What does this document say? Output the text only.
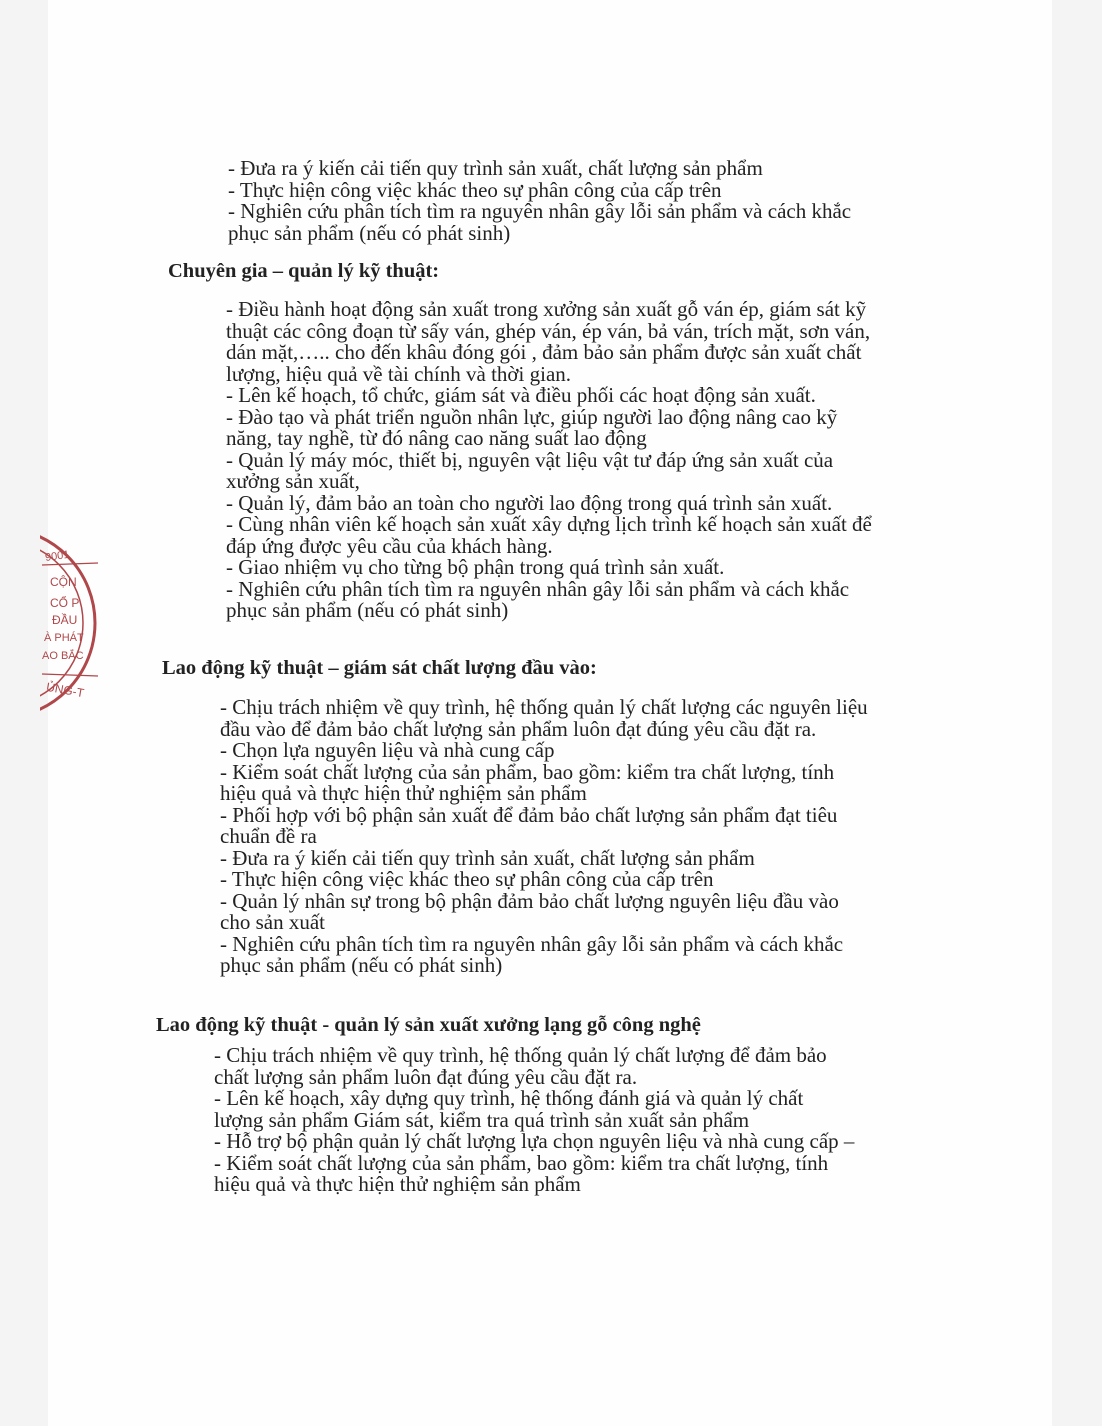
- Đưa ra ý kiến cải tiến quy trình sản xuất, chất lượng sản phẩm
- Thực hiện công việc khác theo sự phân công của cấp trên
- Nghiên cứu phân tích tìm ra nguyên nhân gây lỗi sản phẩm và cách khắc
phục sản phẩm (nếu có phát sinh)
Chuyên gia – quản lý kỹ thuật:
- Điều hành hoạt động sản xuất trong xưởng sản xuất gỗ ván ép, giám sát kỹ
thuật các công đoạn từ sấy ván, ghép ván, ép ván, bả ván, trích mặt, sơn ván,
dán mặt,….. cho đến khâu đóng gói , đảm bảo sản phẩm được sản xuất chất
lượng, hiệu quả về tài chính và thời gian.
- Lên kế hoạch, tổ chức, giám sát và điều phối các hoạt động sản xuất.
- Đào tạo và phát triển nguồn nhân lực, giúp người lao động nâng cao kỹ
năng, tay nghề, từ đó nâng cao năng suất lao động
- Quản lý máy móc, thiết bị, nguyên vật liệu vật tư đáp ứng sản xuất của
xưởng sản xuất,
- Quản lý, đảm bảo an toàn cho người lao động trong quá trình sản xuất.
- Cùng nhân viên kế hoạch sản xuất xây dựng lịch trình kế hoạch sản xuất để
đáp ứng được yêu cầu của khách hàng.
- Giao nhiệm vụ cho từng bộ phận trong quá trình sản xuất.
- Nghiên cứu phân tích tìm ra nguyên nhân gây lỗi sản phẩm và cách khắc
phục sản phẩm (nếu có phát sinh)
Lao động kỹ thuật – giám sát chất lượng đầu vào:
- Chịu trách nhiệm về quy trình, hệ thống quản lý chất lượng các nguyên liệu
đầu vào để đảm bảo chất lượng sản phẩm luôn đạt đúng yêu cầu đặt ra.
- Chọn lựa nguyên liệu và nhà cung cấp
- Kiểm soát chất lượng của sản phẩm, bao gồm: kiểm tra chất lượng, tính
hiệu quả và thực hiện thử nghiệm sản phẩm
- Phối hợp với bộ phận sản xuất để đảm bảo chất lượng sản phẩm đạt tiêu
chuẩn đề ra
- Đưa ra ý kiến cải tiến quy trình sản xuất, chất lượng sản phẩm
- Thực hiện công việc khác theo sự phân công của cấp trên
- Quản lý nhân sự trong bộ phận đảm bảo chất lượng nguyên liệu đầu vào
cho sản xuất
- Nghiên cứu phân tích tìm ra nguyên nhân gây lỗi sản phẩm và cách khắc
phục sản phẩm (nếu có phát sinh)
Lao động kỹ thuật - quản lý sản xuất xưởng lạng gỗ công nghệ
- Chịu trách nhiệm về quy trình, hệ thống quản lý chất lượng để đảm bảo
chất lượng sản phẩm luôn đạt đúng yêu cầu đặt ra.
- Lên kế hoạch, xây dựng quy trình, hệ thống đánh giá và quản lý chất
lượng sản phẩm Giám sát, kiểm tra quá trình sản xuất sản phẩm
- Hỗ trợ bộ phận quản lý chất lượng lựa chọn nguyên liệu và nhà cung cấp –
- Kiểm soát chất lượng của sản phẩm, bao gồm: kiểm tra chất lượng, tính
hiệu quả và thực hiện thử nghiệm sản phẩm
9001
CỘN
CỔ P
ĐẦU
À PHÁT
AO BẮC
ỦNG-T
